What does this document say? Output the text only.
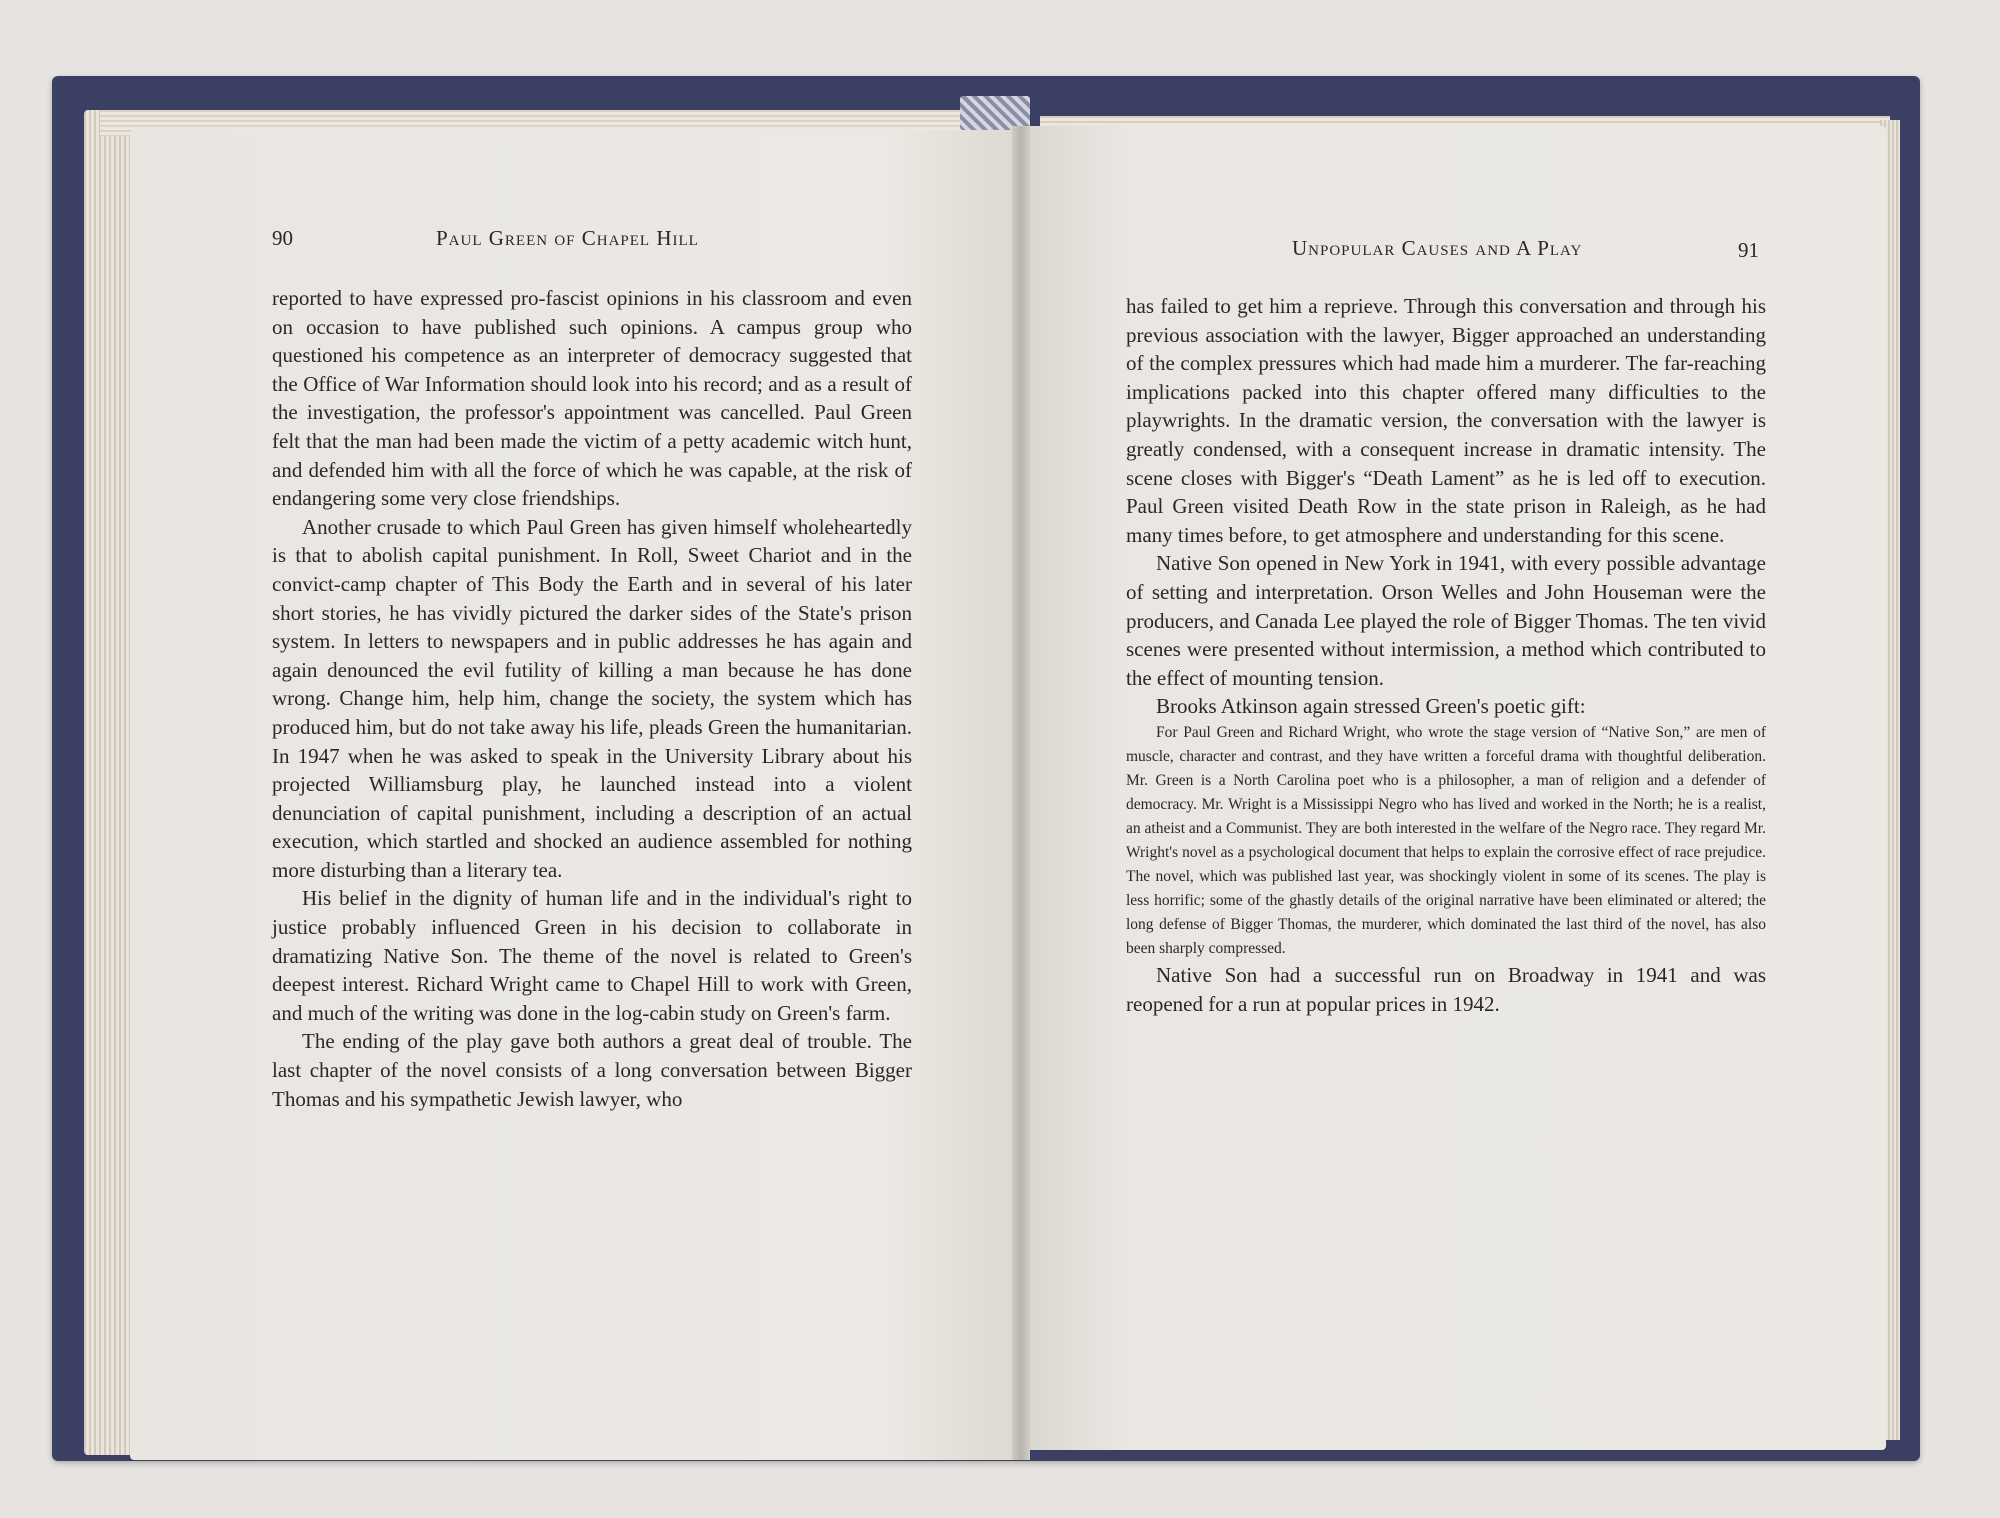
90	Paul Green of Chapel Hill

reported to have expressed pro-fascist opinions in his classroom and even on occasion to have published such opinions. A campus group who questioned his competence as an interpreter of democracy suggested that the Office of War Information should look into his record; and as a result of the investigation, the professor's appointment was cancelled. Paul Green felt that the man had been made the victim of a petty academic witch hunt, and defended him with all the force of which he was capable, at the risk of endangering some very close friendships.

Another crusade to which Paul Green has given himself wholeheartedly is that to abolish capital punishment. In Roll, Sweet Chariot and in the convict-camp chapter of This Body the Earth and in several of his later short stories, he has vividly pictured the darker sides of the State's prison system. In letters to newspapers and in public addresses he has again and again denounced the evil futility of killing a man because he has done wrong. Change him, help him, change the society, the system which has produced him, but do not take away his life, pleads Green the humanitarian. In 1947 when he was asked to speak in the University Library about his projected Williamsburg play, he launched instead into a violent denunciation of capital punishment, including a description of an actual execution, which startled and shocked an audience assembled for nothing more disturbing than a literary tea.

His belief in the dignity of human life and in the individual's right to justice probably influenced Green in his decision to collaborate in dramatizing Native Son. The theme of the novel is related to Green's deepest interest. Richard Wright came to Chapel Hill to work with Green, and much of the writing was done in the log-cabin study on Green's farm.

The ending of the play gave both authors a great deal of trouble. The last chapter of the novel consists of a long conversation between Bigger Thomas and his sympathetic Jewish lawyer, who

Unpopular Causes and A Play	91

has failed to get him a reprieve. Through this conversation and through his previous association with the lawyer, Bigger approached an understanding of the complex pressures which had made him a murderer. The far-reaching implications packed into this chapter offered many difficulties to the playwrights. In the dramatic version, the conversation with the lawyer is greatly condensed, with a consequent increase in dramatic intensity. The scene closes with Bigger's “Death Lament” as he is led off to execution. Paul Green visited Death Row in the state prison in Raleigh, as he had many times before, to get atmosphere and understanding for this scene.

Native Son opened in New York in 1941, with every possible advantage of setting and interpretation. Orson Welles and John Houseman were the producers, and Canada Lee played the role of Bigger Thomas. The ten vivid scenes were presented without intermission, a method which contributed to the effect of mounting tension.

Brooks Atkinson again stressed Green's poetic gift:

For Paul Green and Richard Wright, who wrote the stage version of “Native Son,” are men of muscle, character and contrast, and they have written a forceful drama with thoughtful deliberation. Mr. Green is a North Carolina poet who is a philosopher, a man of religion and a defender of democracy. Mr. Wright is a Mississippi Negro who has lived and worked in the North; he is a realist, an atheist and a Communist. They are both interested in the welfare of the Negro race. They regard Mr. Wright's novel as a psychological document that helps to explain the corrosive effect of race prejudice. The novel, which was published last year, was shockingly violent in some of its scenes. The play is less horrific; some of the ghastly details of the original narrative have been eliminated or altered; the long defense of Bigger Thomas, the murderer, which dominated the last third of the novel, has also been sharply compressed.

Native Son had a successful run on Broadway in 1941 and was reopened for a run at popular prices in 1942.
